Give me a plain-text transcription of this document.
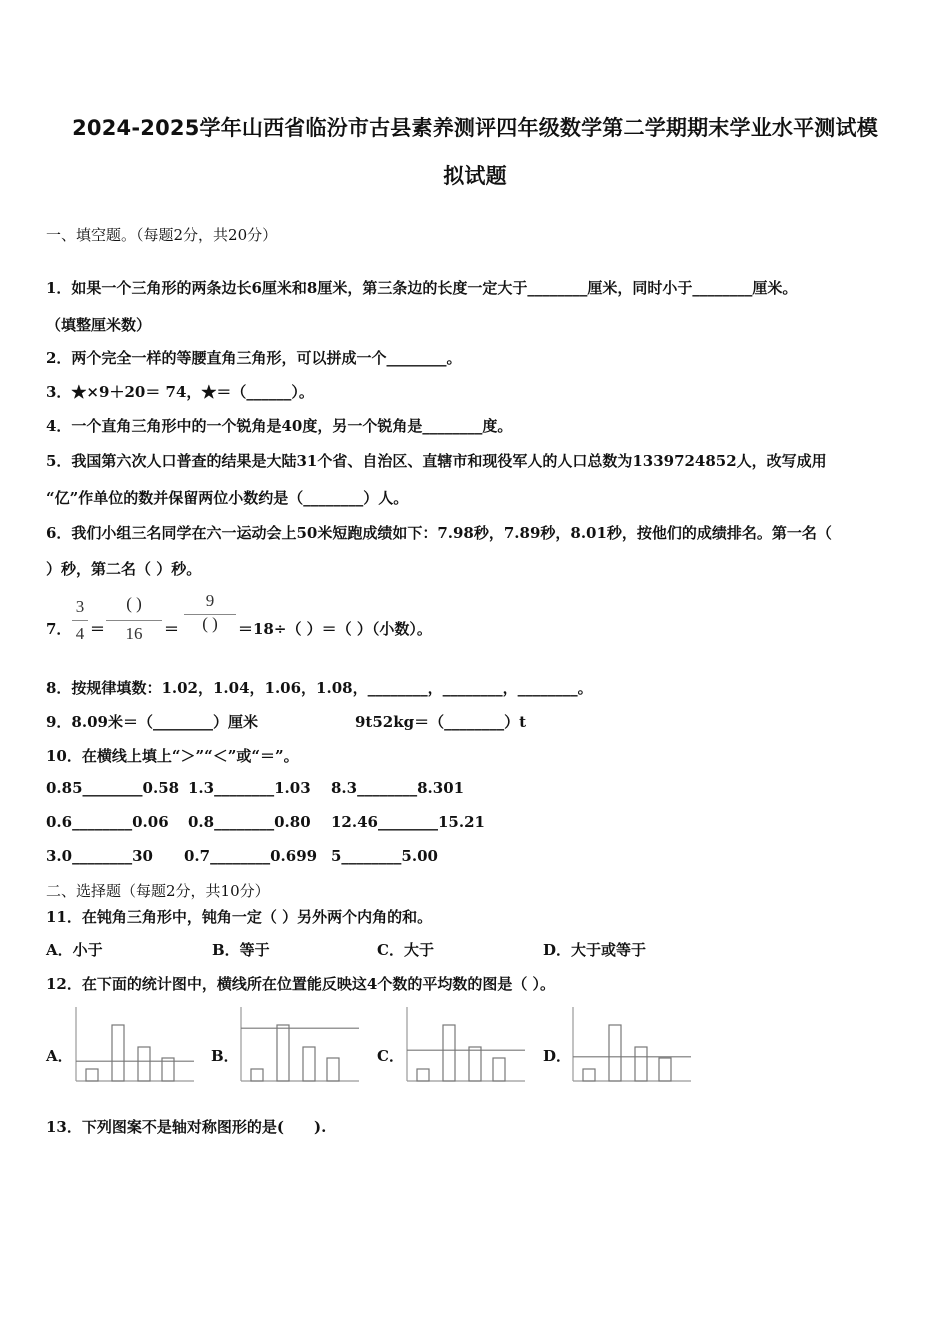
2024-2025学年山西省临汾市古县素养测评四年级数学第二学期期末学业水平测试模
拟试题
一、填空题。（每题2分，共20分）
1．如果一个三角形的两条边长6厘米和8厘米，第三条边的长度一定大于________厘米，同时小于________厘米。
（填整厘米数）
2．两个完全一样的等腰直角三角形，可以拼成一个________。
3．★×9＋20＝ 74，★＝（______）。
4．一个直角三角形中的一个锐角是40度，另一个锐角是________度。
5．我国第六次人口普查的结果是大陆31个省、自治区、直辖市和现役军人的人口总数为1339724852人，改写成用
“亿”作单位的数并保留两位小数约是（________）人。
6．我们小组三名同学在六一运动会上50米短跑成绩如下：7.98秒，7.89秒，8.01秒，按他们的成绩排名。第一名（
）秒，第二名（ ）秒。
7．
3
4 ＝
( )
16	＝
9
( )	＝18÷（ ）＝（ ）（小数）。
8．按规律填数：1.02，1.04，1.06，1.08，________，________，________。
9．8.09米＝（________）厘米	9t52kg＝（________）t
10．在横线上填上“＞”“＜”或“＝”。
0.85________0.58 1.3________1.03 8.3________8.301
0.6________0.06 0.8________0.80 12.46________15.21
3.0________30 0.7________0.699 5________5.00
二、选择题（每题2分，共10分）
11．在钝角三角形中，钝角一定（ ）另外两个内角的和。
A．小于	B．等于	C．大于	D．大于或等于
12．在下面的统计图中，横线所在位置能反映这4个数的平均数的图是（ ）。
A．	B．	C．	D．
13．下列图案不是轴对称图形的是(　　).
